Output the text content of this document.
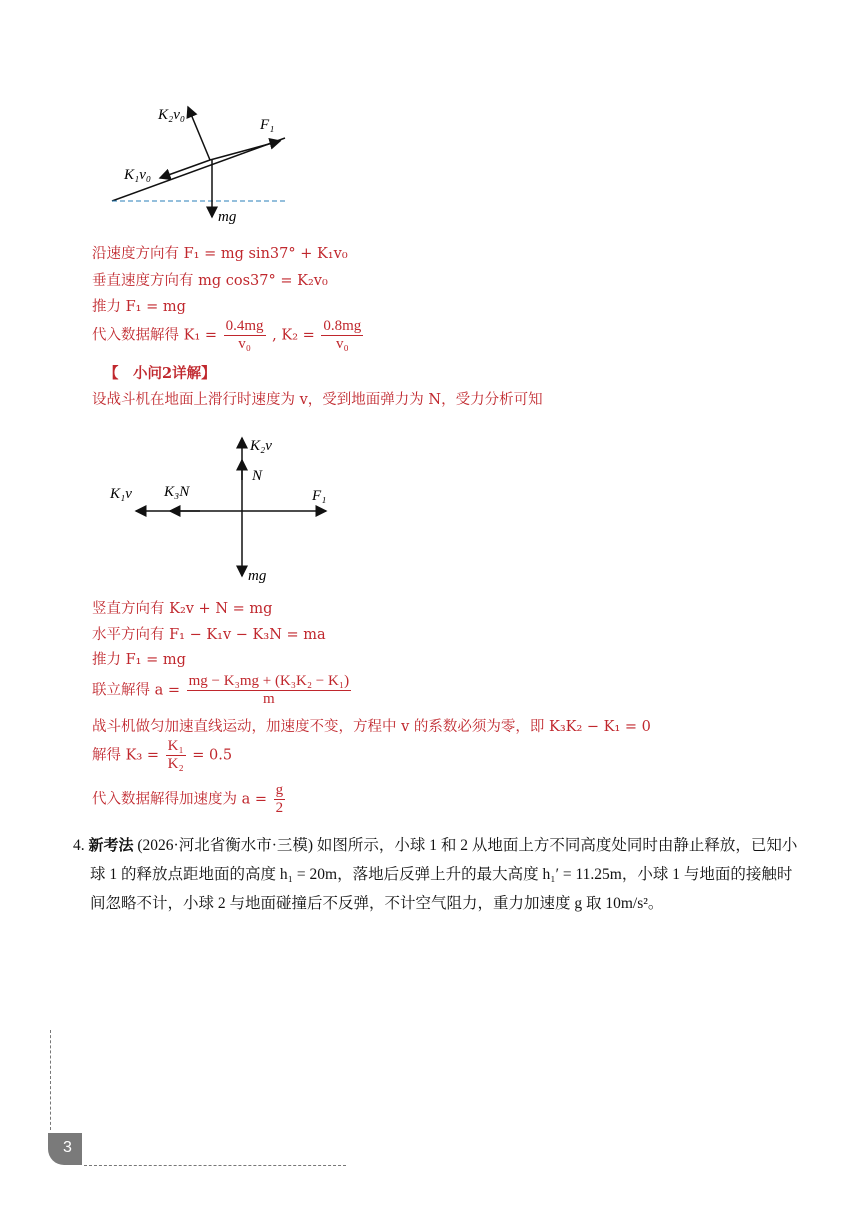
K₂v₀
F₁
K₁v₀
mg
沿速度方向有 F₁ = mg sin37° + K₁v₀
垂直速度方向有 mg cos37° = K₂v₀
推力 F₁ = mg
代入数据解得 $K_1 = \frac{0.4mg}{\text{v₀}}$ , $K_2 = \frac{0.8mg}{\text{v₀}}$
【　小问2详解】
设战斗机在地面上滑行时速度为 v，受到地面弹力为 N，受力分析可知
K₂v
N
K₁v K₃N	F₁
mg
竖直方向有 K₂v + N = mg
水平方向有 F₁ − K₁v − K₃N = ma
推力 F₁ = mg
联立解得 $a = \frac{\text{mg − K₃mg + (K₃K₂ − K₁)}}{m}$
战斗机做匀加速直线运动，加速度不变，方程中 v 的系数必须为零，即 K₃K₂ − K₁ = 0
解得 $K_3 = \frac{\text{K₁}}{\text{K₂}} = 0.5$
代入数据解得加速度为 $a = \frac{g}{2}$
4. 新考法 (2026·河北省衡水市·三模) 如图所示，小球 1 和 2 从地面上方不同高度处同时由静止释放，已知小
球 1 的释放点距地面的高度 h₁ = 20m，落地后反弹上升的最大高度 h₁′ = 11.25m，小球 1 与地面的接触时
间忽略不计，小球 2 与地面碰撞后不反弹，不计空气阻力，重力加速度 g 取 10m/s²。
3
